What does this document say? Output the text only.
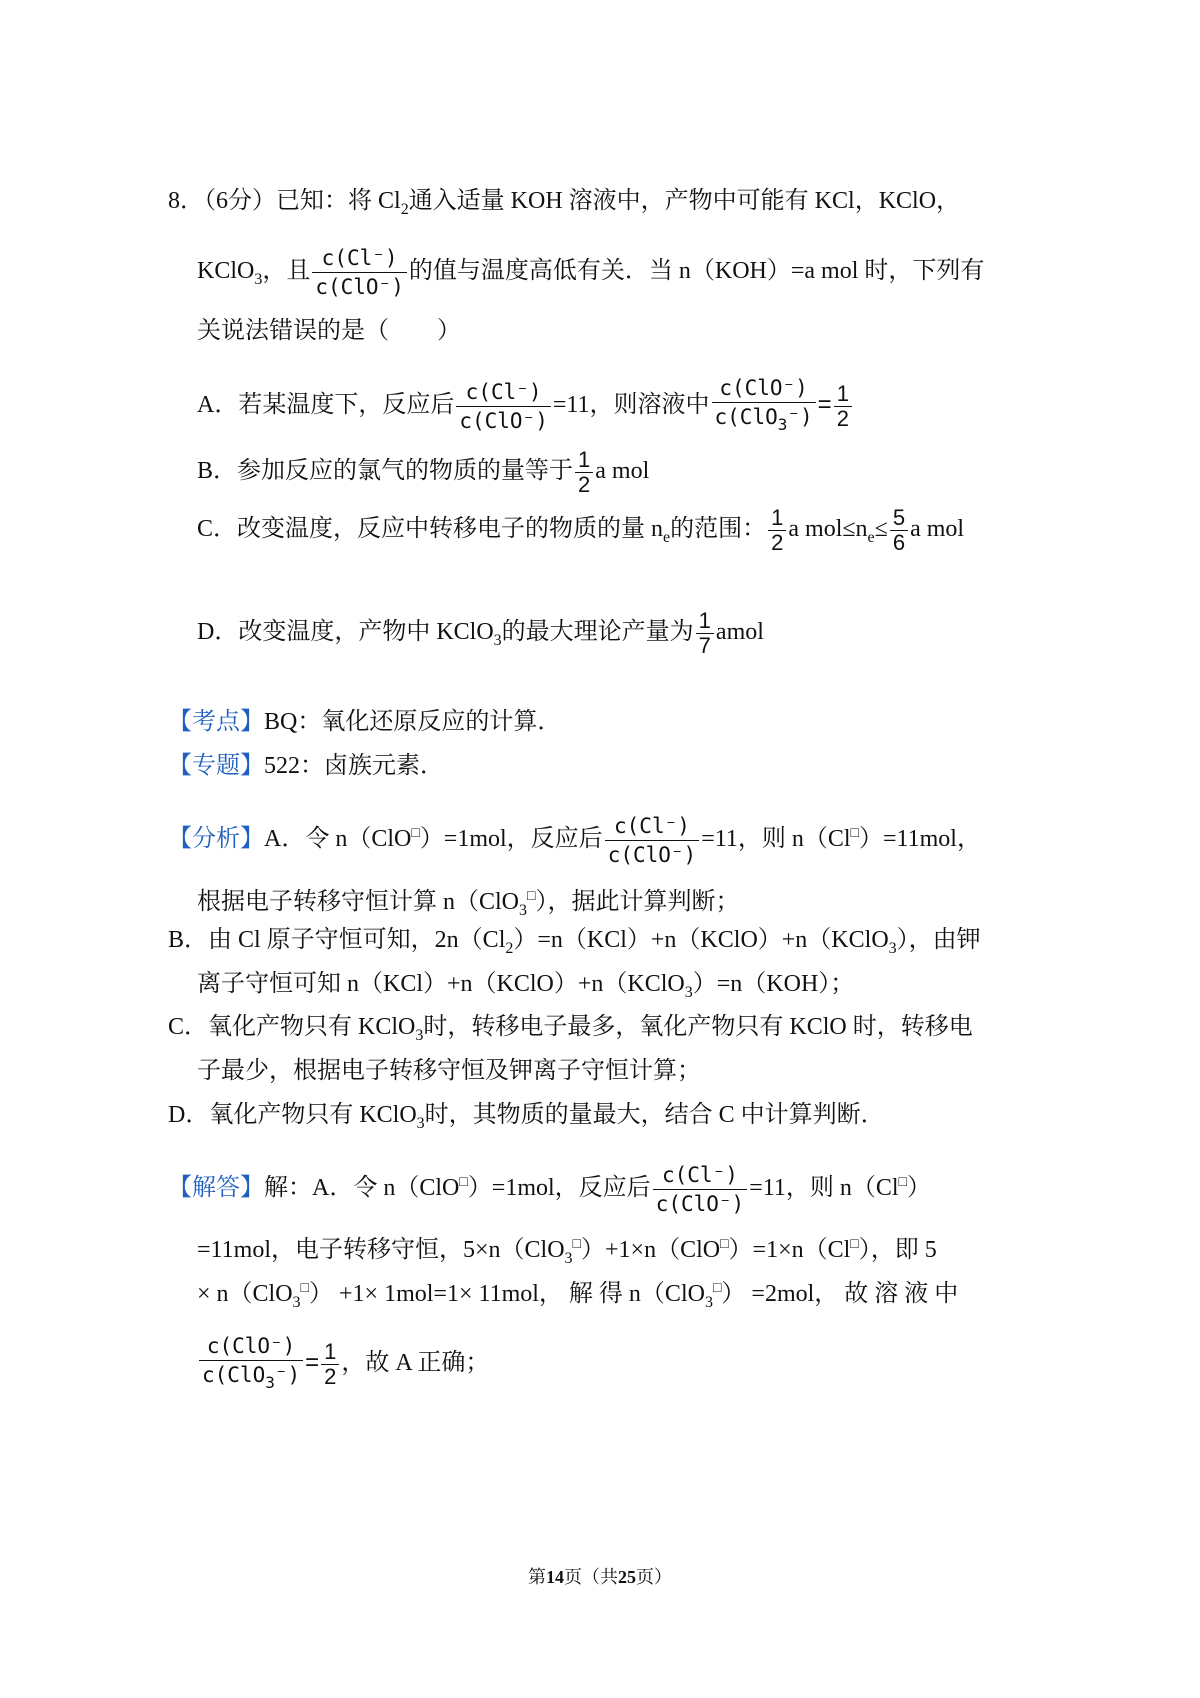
8．（6分）已知：将 $Cl_2$通入适量 KOH 溶液中，产物中可能有 KCl，KClO，
KClO$_3$，且 $\frac{c(Cl^-)}{\text{c(ClO⁻)}}$ 的值与温度高低有关．当 n（KOH）=a mol 时，下列有
关说法错误的是（　　）
A．若某温度下，反应后 $\frac{c(Cl^-)}{\text{c(ClO⁻)}} =11$，则溶液中 $\frac{\text{c(ClO⁻)}}{c(ClO_3^-)} = \frac{1}{2}$
B．参加反应的氯气的物质的量等于 $\frac{1}{2}$ a mol
C．改变温度，反应中转移电子的物质的量 $n_e$的范围： $\frac{1}{2}$ a $mol\le n_e\le \frac{5}{6}$ a mol
D．改变温度，产物中 KClO$_3$的最大理论产量为 $\frac{1}{7}$ amol
【考点】BQ：氧化还原反应的计算．
【专题】522：卤族元素．
【分析】A．令 n（ClO□）=1mol，反应后 $\frac{c(Cl^-)}{\text{c(ClO⁻)}} =11$，则 n（Cl□）=11mol，
根据电子转移守恒计算 n（ClO$_3$□），据此计算判断；
B．由 Cl 原子守恒可知，$2n(Cl_2)=n(KCl)+n(KClO)+n(KClO_3)$，由钾
离子守恒可知 n（KCl）+n（KClO）+n（KClO$_3$）=n（KOH）；
C．氧化产物只有 KClO$_3$时，转移电子最多，氧化产物只有 KClO 时，转移电
子最少，根据电子转移守恒及钾离子守恒计算；
D．氧化产物只有 KClO$_3$时，其物质的量最大，结合 C 中计算判断．
【解答】解：A．令 n（ClO□）=1mol，反应后 $\frac{c(Cl^-)}{\text{c(ClO⁻)}} =11$，则 n（Cl□）
=11mol，电子转移守恒，5×n（ClO$_3$□）+1×n（ClO□）=1×n（Cl□），即 5
× n（ClO$_3$□） +1× 1mol=1× 11mol， 解 得 n（ClO$_3$□） =2mol， 故 溶 液 中
$\frac{\text{c(ClO⁻)}}{c(ClO_3^-)} = \frac{1}{2}$ ，故 A 正确；
第14页（共25页）
